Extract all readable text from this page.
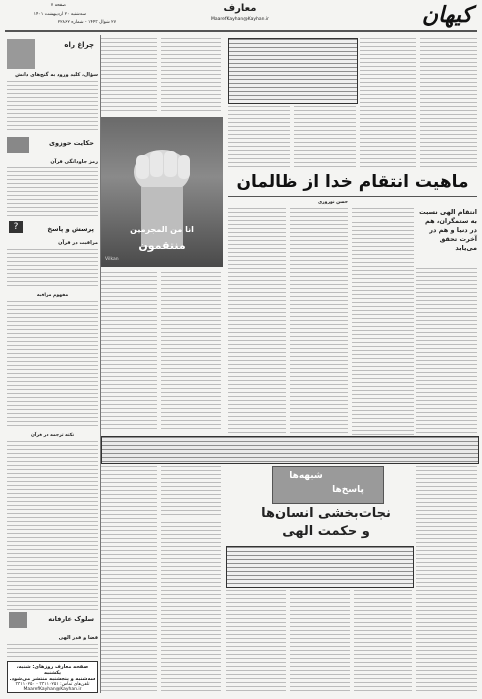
کیهان
معارف
MaarefKayhan@Kayhan.ir
صفحه ۷
سه‌شنبه ۲۰ اردیبهشت ۱۴۰۱
۲۷ شوال ۱۴۴۳ - شماره ۲۲۸۶۲
چراغ راه
سؤال، کلید ورود به گنج‌های دانش
حکایت حوزوی
رمز جاودانگی قرآن
پرسش و پاسخ
?
مراقبت در قرآن
مفهوم مراقبه
نکته ترجمه در قرآن
سلوک عارفانه
قضا و قدر الهی
صفحه معارف روزهای: شنبه، یکشنبه
سه‌شنبه و پنجشنبه منتشر می‌شود.
تلفن‌های تماس: ۳۳۱۱۰۲۵۱ - ۳۳۱۱۰۲۵۰
MaarefKayhan@Kayhan.ir
انا من المجرمین
منتقمون
Vilkan
ماهیت انتقام خدا از ظالمان
حسن نوروزی
انتقام الهی نسبت به ستمگران، هم در دنیا و هم در آخرت تحقق می‌یابد
شبهه‌ها
پاسخ‌ها
نجات‌بخشی انسان‌ها
و حکمت الهی
